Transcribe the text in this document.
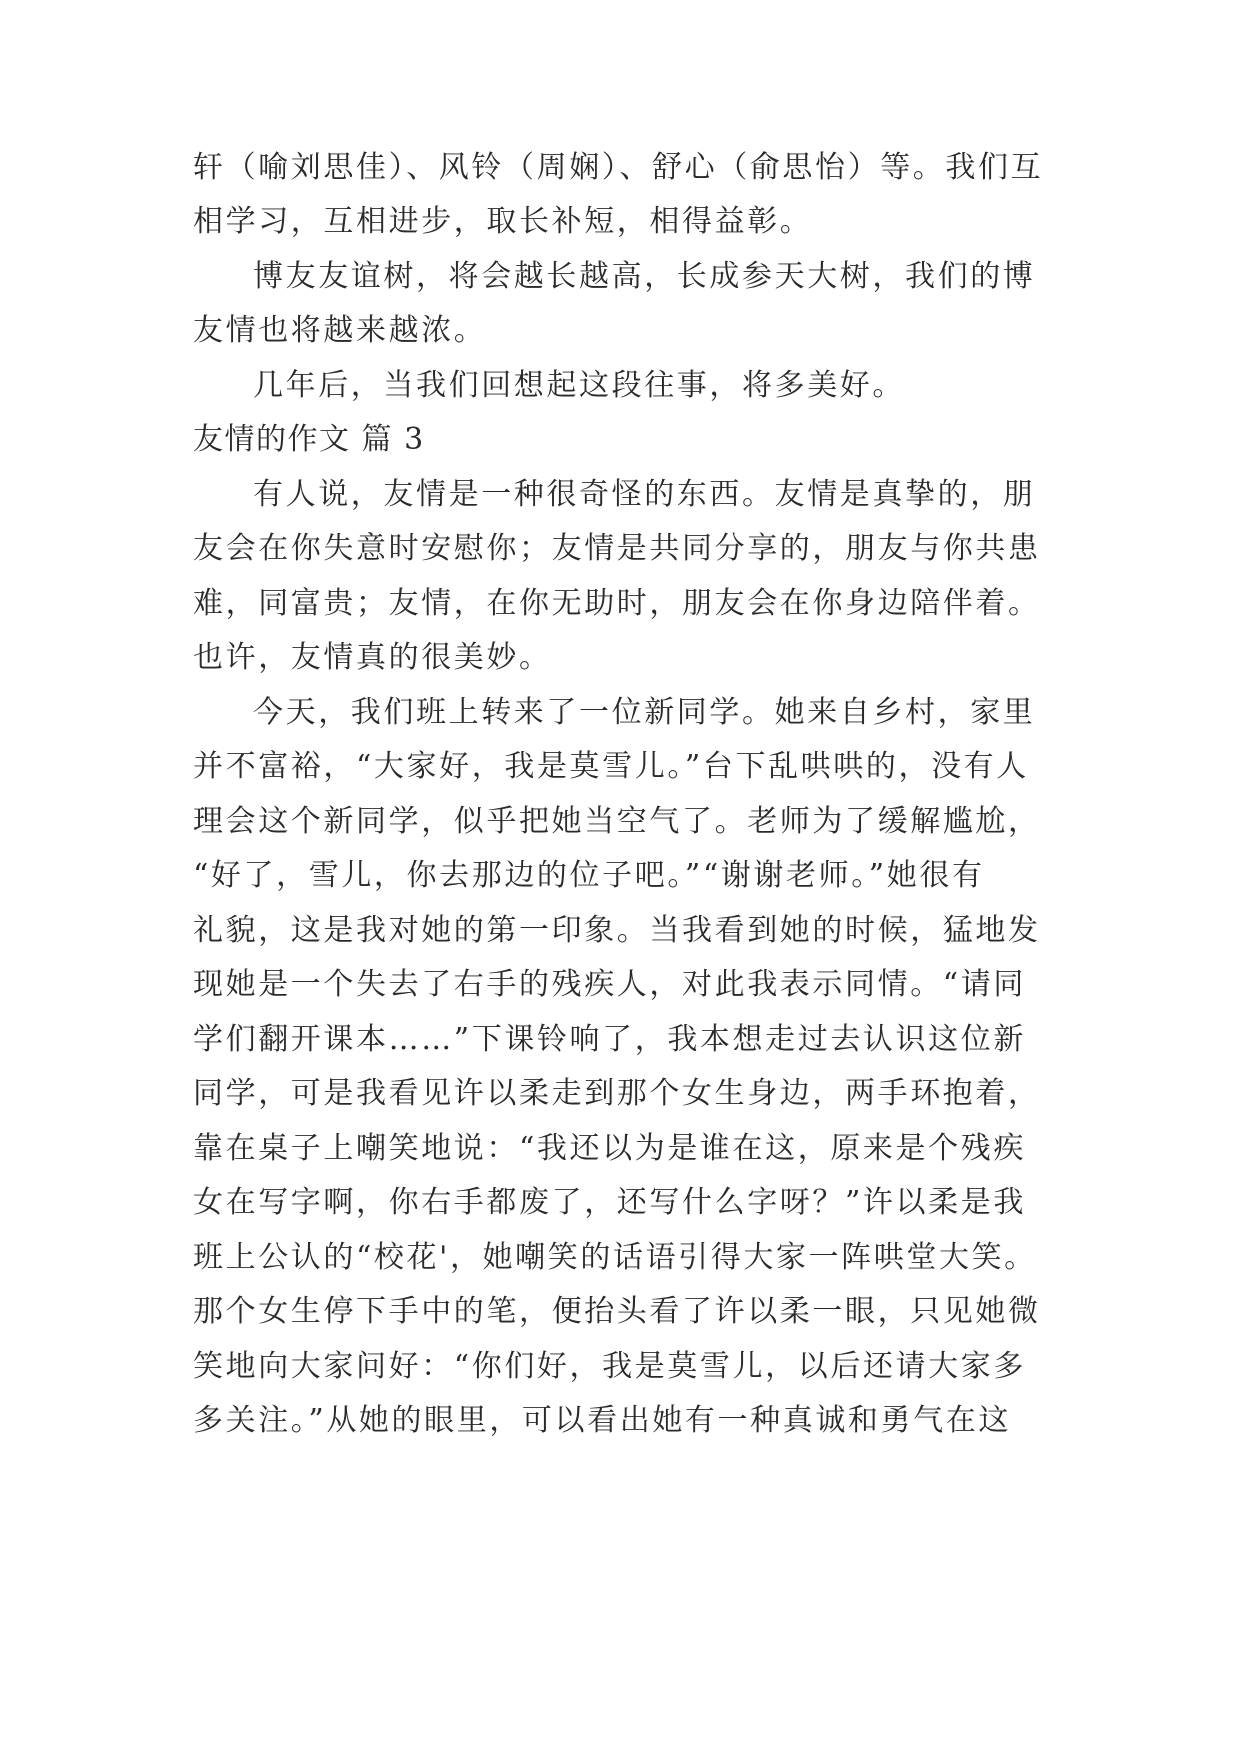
轩（喻刘思佳）、风铃（周娴）、舒心（俞思怡）等。我们互
相学习，互相进步，取长补短，相得益彰。
博友友谊树，将会越长越高，长成参天大树，我们的博
友情也将越来越浓。
几年后，当我们回想起这段往事，将多美好。
友情的作文 篇 3
有人说，友情是一种很奇怪的东西。友情是真挚的，朋
友会在你失意时安慰你；友情是共同分享的，朋友与你共患
难，同富贵；友情，在你无助时，朋友会在你身边陪伴着。
也许，友情真的很美妙。
今天，我们班上转来了一位新同学。她来自乡村，家里
并不富裕，“大家好，我是莫雪儿。”台下乱哄哄的，没有人
理会这个新同学，似乎把她当空气了。老师为了缓解尴尬，
“好了，雪儿，你去那边的位子吧。”“谢谢老师。”她很有
礼貌，这是我对她的第一印象。当我看到她的时候，猛地发
现她是一个失去了右手的残疾人，对此我表示同情。“请同
学们翻开课本……”下课铃响了，我本想走过去认识这位新
同学，可是我看见许以柔走到那个女生身边，两手环抱着，
靠在桌子上嘲笑地说：“我还以为是谁在这，原来是个残疾
女在写字啊，你右手都废了，还写什么字呀？”许以柔是我
班上公认的“校花'，她嘲笑的话语引得大家一阵哄堂大笑。
那个女生停下手中的笔，便抬头看了许以柔一眼，只见她微
笑地向大家问好：“你们好，我是莫雪儿，以后还请大家多
多关注。”从她的眼里，可以看出她有一种真诚和勇气在这
